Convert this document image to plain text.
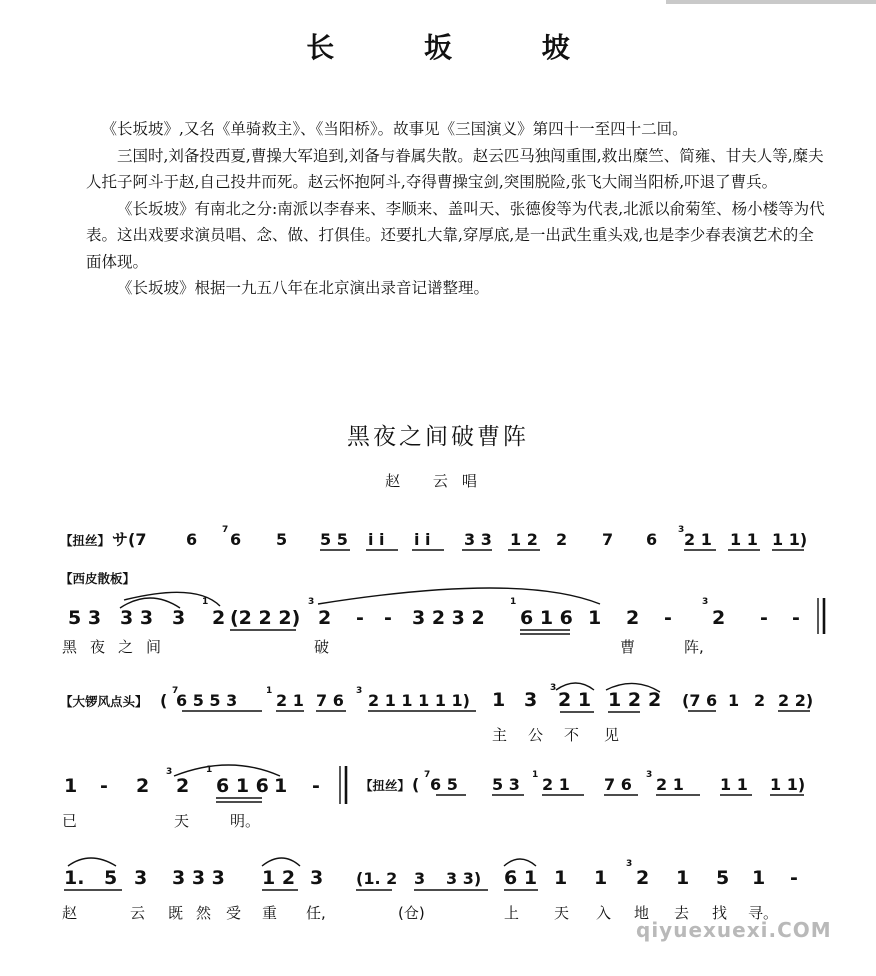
长 坂 坡

《长坂坡》,又名《单骑救主》、《当阳桥》。故事见《三国演义》第四十一至四十二回。

三国时,刘备投西夏,曹操大军追到,刘备与眷属失散。赵云匹马独闯重围,救出糜竺、简雍、甘夫人等,糜夫人托子阿斗于赵,自己投井而死。赵云怀抱阿斗,夺得曹操宝剑,突围脱险,张飞大闹当阳桥,吓退了曹兵。

《长坂坡》有南北之分:南派以李春来、李顺来、盖叫天、张德俊等为代表,北派以俞菊笙、杨小楼等为代表。这出戏要求演员唱、念、做、打俱佳。还要扎大靠,穿厚底,是一出武生重头戏,也是李少春表演艺术的全面体现。

《长坂坡》根据一九五八年在北京演出录音记谱整理。

黑夜之间破曹阵
赵 云唱
【扭丝】 サ(7 6 6 5 5 5 i i i i 3 3 1 2 2 7 6 2 1 1 1 1 1)
7	3
【西皮散板】
5 3 3 3 3 2 (2 2 2) 2 - - 3 2 3 2 6 1 6 1 2 - 2 - -
1	3	1	3
黑 夜 之 间	破	曹	阵,
【大锣风点头】 ( 6 5 5 3 2 1 7 6 2 1 1 1 1 1) 1 3 2 1 1 2 2 (7 6 1 2 2 2)
7	1	3	3
主 公 不 见
1 - 2 2 6 1 6 1 -	【扭丝】 ( 6 5 5 3 2 1 7 6 2 1 1 1 1 1)
3	1	7	1	3
已	天	明。
1. 5 3 3 3 3 1 2 3 (1. 2 3 3 3) 6 1 1 1 2 1 5 1 -
3
赵	云 既 然 受 重 任,	(仓)	上 天 入 地 去 找 寻。
qiyuexuexi.COM
